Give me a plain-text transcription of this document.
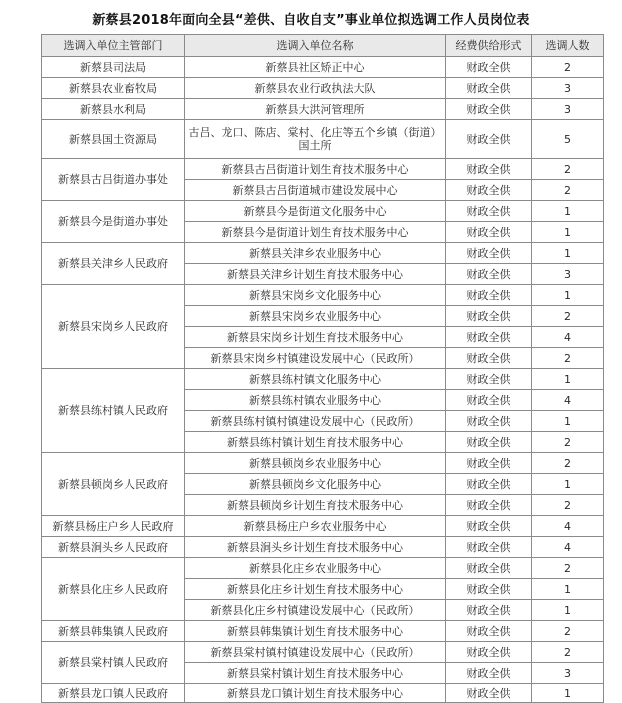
新蔡县2018年面向全县“差供、自收自支”事业单位拟选调工作人员岗位表
选调入单位主管部门	选调入单位名称	经费供给形式	选调人数
新蔡县司法局	新蔡县社区矫正中心	财政全供	2
新蔡县农业畜牧局	新蔡县农业行政执法大队	财政全供	3
新蔡县水利局	新蔡县大洪河管理所	财政全供	3
新蔡县国土资源局	古吕、龙口、陈店、棠村、化庄等五个乡镇（街道）国土所	财政全供	5
新蔡县古吕街道办事处	新蔡县古吕街道计划生育技术服务中心	财政全供	2
	新蔡县古吕街道城市建设发展中心	财政全供	2
新蔡县今是街道办事处	新蔡县今是街道文化服务中心	财政全供	1
	新蔡县今是街道计划生育技术服务中心	财政全供	1
新蔡县关津乡人民政府	新蔡县关津乡农业服务中心	财政全供	1
	新蔡县关津乡计划生育技术服务中心	财政全供	3
新蔡县宋岗乡人民政府	新蔡县宋岗乡文化服务中心	财政全供	1
	新蔡县宋岗乡农业服务中心	财政全供	2
	新蔡县宋岗乡计划生育技术服务中心	财政全供	4
	新蔡县宋岗乡村镇建设发展中心（民政所）	财政全供	2
新蔡县练村镇人民政府	新蔡县练村镇文化服务中心	财政全供	1
	新蔡县练村镇农业服务中心	财政全供	4
	新蔡县练村镇村镇建设发展中心（民政所）	财政全供	1
	新蔡县练村镇计划生育技术服务中心	财政全供	2
新蔡县顿岗乡人民政府	新蔡县顿岗乡农业服务中心	财政全供	2
	新蔡县顿岗乡文化服务中心	财政全供	1
	新蔡县顿岗乡计划生育技术服务中心	财政全供	2
新蔡县杨庄户乡人民政府	新蔡县杨庄户乡农业服务中心	财政全供	4
新蔡县涧头乡人民政府	新蔡县涧头乡计划生育技术服务中心	财政全供	4
新蔡县化庄乡人民政府	新蔡县化庄乡农业服务中心	财政全供	2
	新蔡县化庄乡计划生育技术服务中心	财政全供	1
	新蔡县化庄乡村镇建设发展中心（民政所）	财政全供	1
新蔡县韩集镇人民政府	新蔡县韩集镇计划生育技术服务中心	财政全供	2
新蔡县棠村镇人民政府	新蔡县棠村镇村镇建设发展中心（民政所）	财政全供	2
	新蔡县棠村镇计划生育技术服务中心	财政全供	3
新蔡县龙口镇人民政府	新蔡县龙口镇计划生育技术服务中心	财政全供	1
